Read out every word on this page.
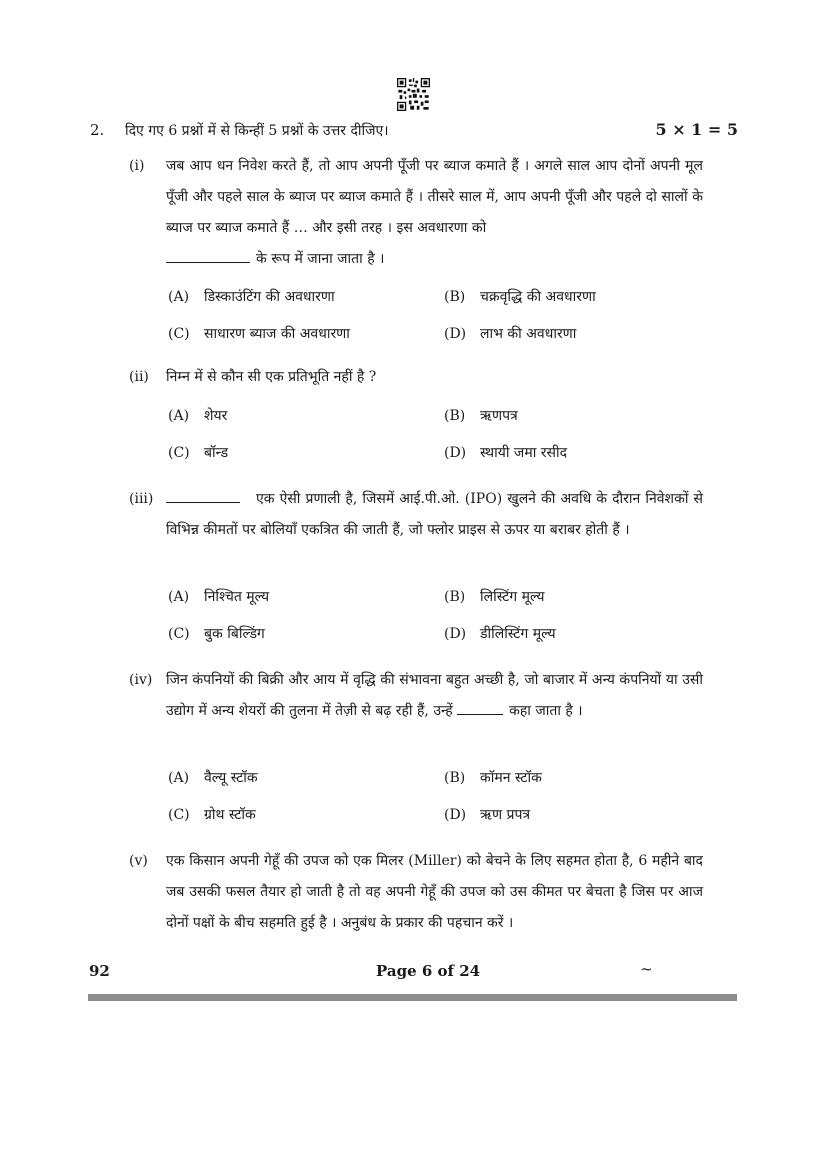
2. दिए गए 6 प्रश्नों में से किन्हीं 5 प्रश्नों के उत्तर दीजिए।	5 × 1 = 5
(i) जब आप धन निवेश करते हैं, तो आप अपनी पूँजी पर ब्याज कमाते हैं । अगले साल आप दोनों अपनी मूल पूँजी और पहले साल के ब्याज पर ब्याज कमाते हैं । तीसरे साल में, आप अपनी पूँजी और पहले दो सालों के ब्याज पर ब्याज कमाते हैं … और इसी तरह । इस अवधारणा को
के रूप में जाना जाता है ।
(A) डिस्काउंटिंग की अवधारणा	(B) चक्रवृद्धि की अवधारणा
(C) साधारण ब्याज की अवधारणा	(D) लाभ की अवधारणा
(ii) निम्न में से कौन सी एक प्रतिभूति नहीं है ?
(A) शेयर	(B) ऋणपत्र
(C) बॉन्ड	(D) स्थायी जमा रसीद
(iii)	एक ऐसी प्रणाली है, जिसमें आई.पी.ओ. (IPO) खुलने की अवधि के दौरान निवेशकों से विभिन्न कीमतों पर बोलियाँ एकत्रित की जाती हैं, जो फ्लोर प्राइस से ऊपर या बराबर होती हैं ।
(A) निश्चित मूल्य	(B) लिस्टिंग मूल्य
(C) बुक बिल्डिंग	(D) डीलिस्टिंग मूल्य
(iv) जिन कंपनियों की बिक्री और आय में वृद्धि की संभावना बहुत अच्छी है, जो बाजार में अन्य कंपनियों या उसी उद्योग में अन्य शेयरों की तुलना में तेज़ी से बढ़ रही हैं, उन्हें	कहा जाता है ।
(A) वैल्यू स्टॉक	(B) कॉमन स्टॉक
(C) ग्रोथ स्टॉक	(D) ऋण प्रपत्र
(v) एक किसान अपनी गेहूँ की उपज को एक मिलर (Miller) को बेचने के लिए सहमत होता है, 6 महीने बाद जब उसकी फसल तैयार हो जाती है तो वह अपनी गेहूँ की उपज को उस कीमत पर बेचता है जिस पर आज दोनों पक्षों के बीच सहमति हुई है । अनुबंध के प्रकार की पहचान करें ।
92	Page 6 of 24	~
